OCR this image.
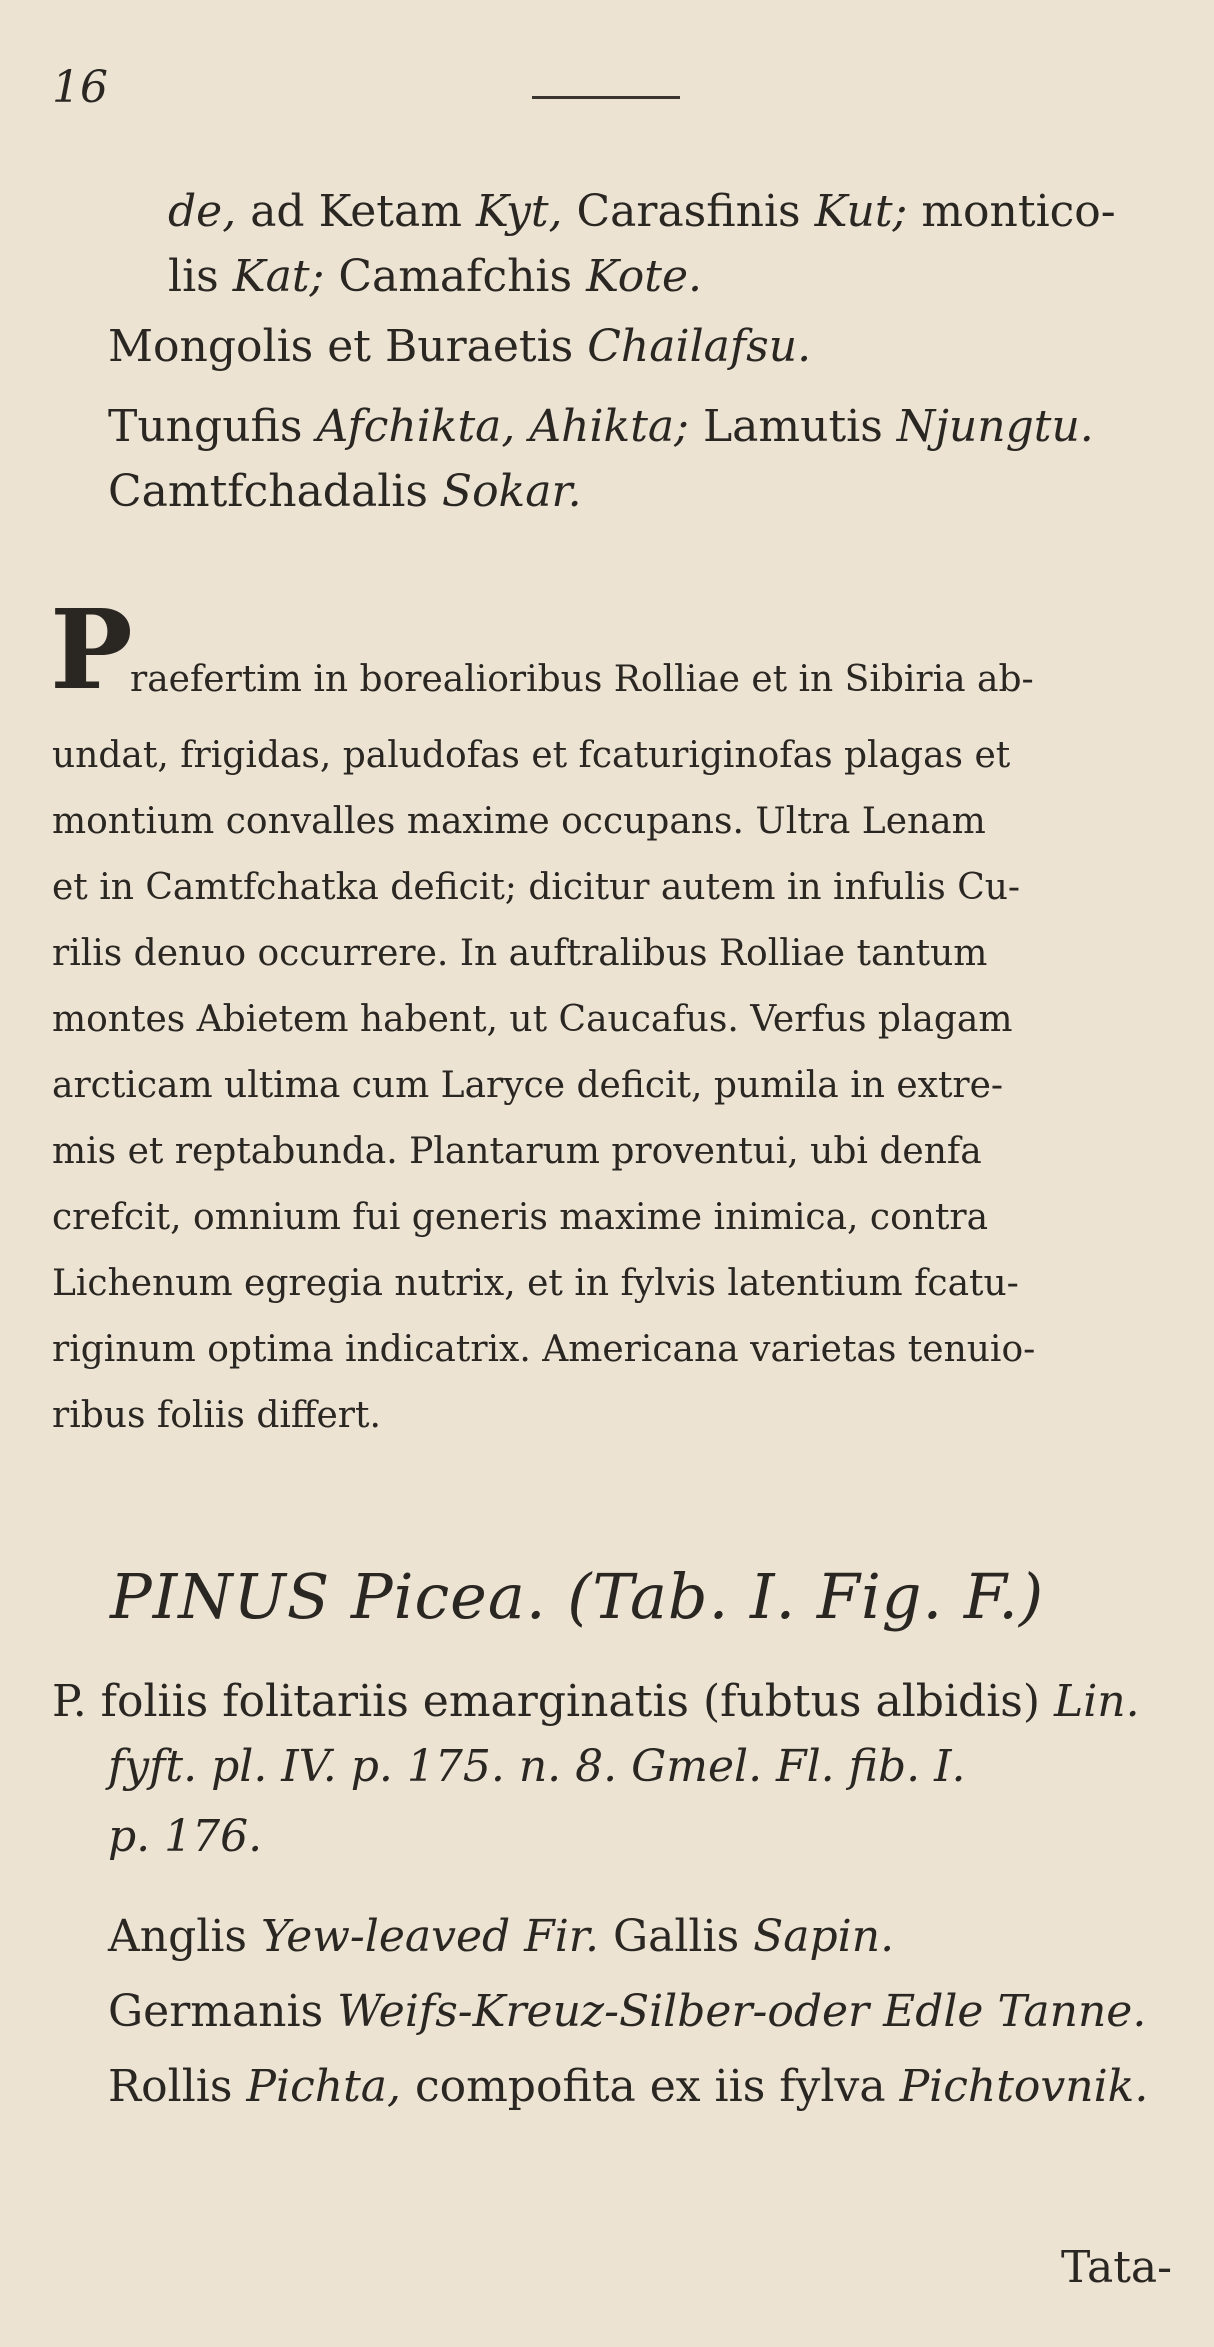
16
de, ad Ketam Kyt, Carasfinis Kut; montico-
lis Kat; Camafchis Kote.
Mongolis et Buraetis Chailafsu.
Tungufis Afchikta, Ahikta; Lamutis Njungtu.
Camtfchadalis Sokar.
P
raefertim in borealioribus Rolliae et in Sibiria ab-
undat, frigidas, paludofas et fcaturiginofas plagas et
montium convalles maxime occupans. Ultra Lenam
et in Camtfchatka deficit; dicitur autem in infulis Cu-
rilis denuo occurrere. In auftralibus Rolliae tantum
montes Abietem habent, ut Caucafus. Verfus plagam
arcticam ultima cum Laryce deficit, pumila in extre-
mis et reptabunda. Plantarum proventui, ubi denfa
crefcit, omnium fui generis maxime inimica, contra
Lichenum egregia nutrix, et in fylvis latentium fcatu-
riginum optima indicatrix. Americana varietas tenuio-
ribus foliis differt.
PINUS Picea. (Tab. I. Fig. F.)
P. foliis folitariis emarginatis (fubtus albidis) Lin.
fyft. pl. IV. p. 175. n. 8. Gmel. Fl. fib. I.
p. 176.
Anglis Yew-leaved Fir. Gallis Sapin.
Germanis Weifs-Kreuz-Silber-oder Edle Tanne.
Rollis Pichta, compofita ex iis fylva Pichtovnik.
Tata-
